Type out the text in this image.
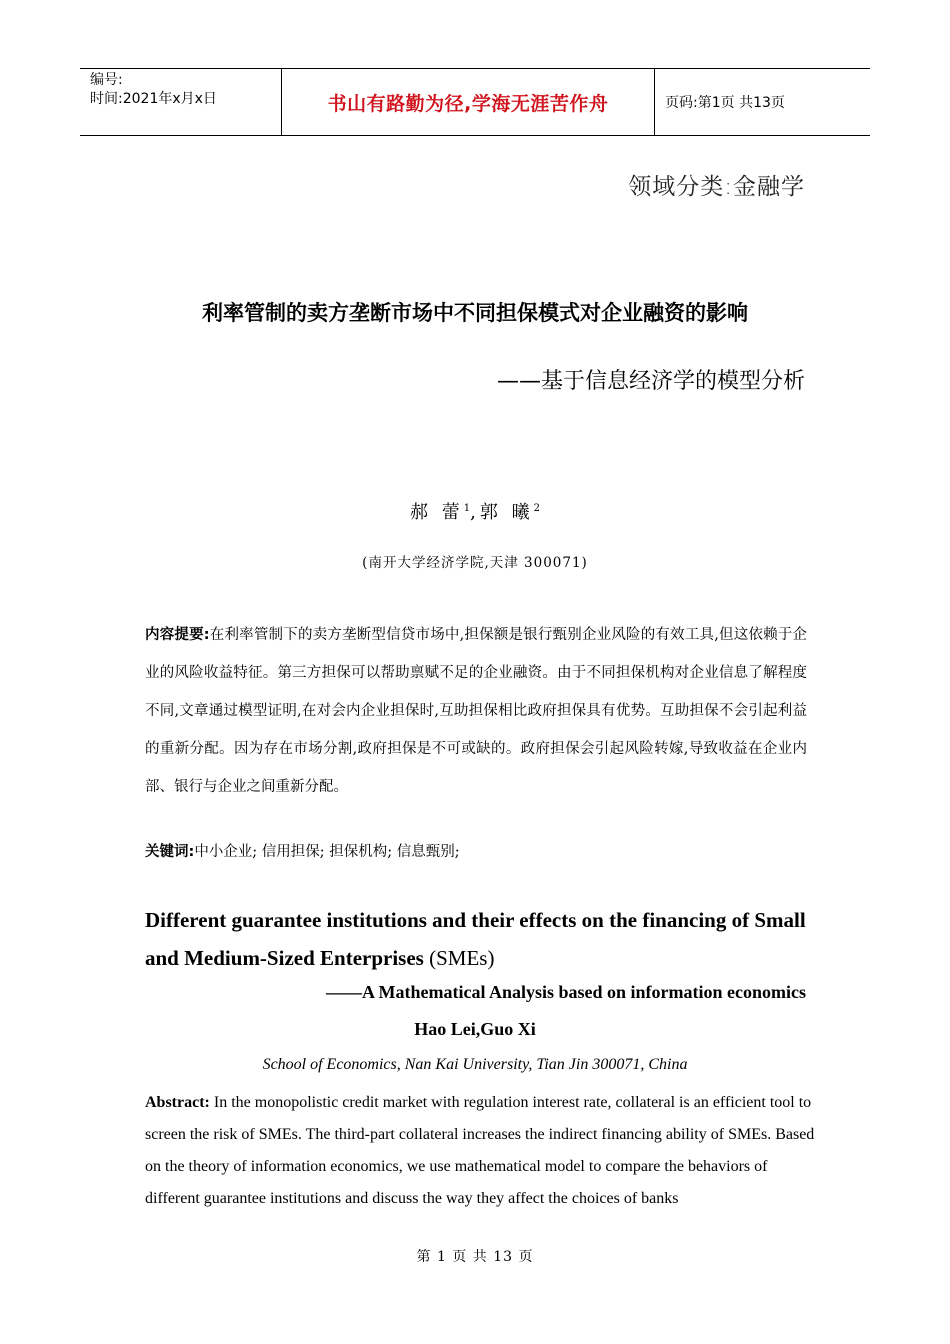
编号:
时间:2021年x月x日	书山有路勤为径,学海无涯苦作舟	页码:第1页 共13页
领域分类:金融学
利率管制的卖方垄断市场中不同担保模式对企业融资的影响
——基于信息经济学的模型分析
郝 蕾$^1$,郭 曦$^2$
(南开大学经济学院,天津 300071)
内容提要:在利率管制下的卖方垄断型信贷市场中,担保额是银行甄别企业风险的有效工具,但这依赖于企业的风险收益特征。第三方担保可以帮助禀赋不足的企业融资。由于不同担保机构对企业信息了解程度不同,文章通过模型证明,在对会内企业担保时,互助担保相比政府担保具有优势。互助担保不会引起利益的重新分配。因为存在市场分割,政府担保是不可或缺的。政府担保会引起风险转嫁,导致收益在企业内部、银行与企业之间重新分配。
关键词:中小企业; 信用担保; 担保机构; 信息甄别;
Different guarantee institutions and their effects on the financing of Small and Medium-Sized Enterprises (SMEs)
——A Mathematical Analysis based on information economics
Hao Lei,Guo Xi
School of Economics, Nan Kai University, Tian Jin 300071, China
Abstract: In the monopolistic credit market with regulation interest rate, collateral is an efficient tool to screen the risk of SMEs. The third-part collateral increases the indirect financing ability of SMEs. Based on the theory of information economics, we use mathematical model to compare the behaviors of different guarantee institutions and discuss the way they affect the choices of banks
第 1 页 共 13 页
